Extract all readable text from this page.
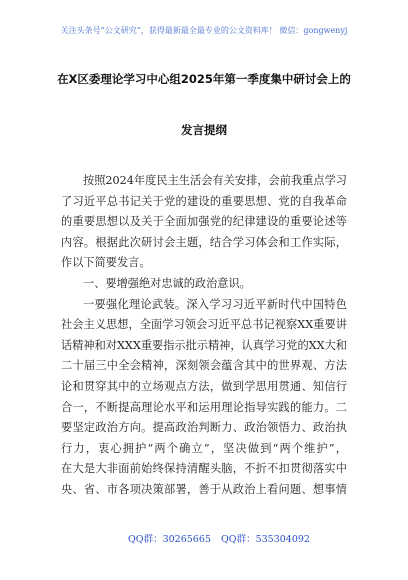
关注头条号“公文研究”，获得最新最全最专业的公文资料库！ 微信：gongwenyj
在X区委理论学习中心组2025年第一季度集中研讨会上的
发言提纲
按照2024年度民主生活会有关安排，会前我重点学习
了习近平总书记关于党的建设的重要思想、党的自我革命
的重要思想以及关于全面加强党的纪律建设的重要论述等
内容。根据此次研讨会主题，结合学习体会和工作实际，
作以下简要发言。
一、要增强绝对忠诚的政治意识。
一要强化理论武装。深入学习习近平新时代中国特色
社会主义思想，全面学习领会习近平总书记视察XX重要讲
话精神和对XXX重要指示批示精神，认真学习党的XX大和
二十届三中全会精神，深刻领会蕴含其中的世界观、方法
论和贯穿其中的立场观点方法，做到学思用贯通、知信行
合一，不断提高理论水平和运用理论指导实践的能力。二
要坚定政治方向。提高政治判断力、政治领悟力、政治执
行力，衷心拥护“两个确立”，坚决做到“两个维护”，
在大是大非面前始终保持清醒头脑，不折不扣贯彻落实中
央、省、市各项决策部署，善于从政治上看问题、想事情
QQ群：30265665 QQ群：535304092
